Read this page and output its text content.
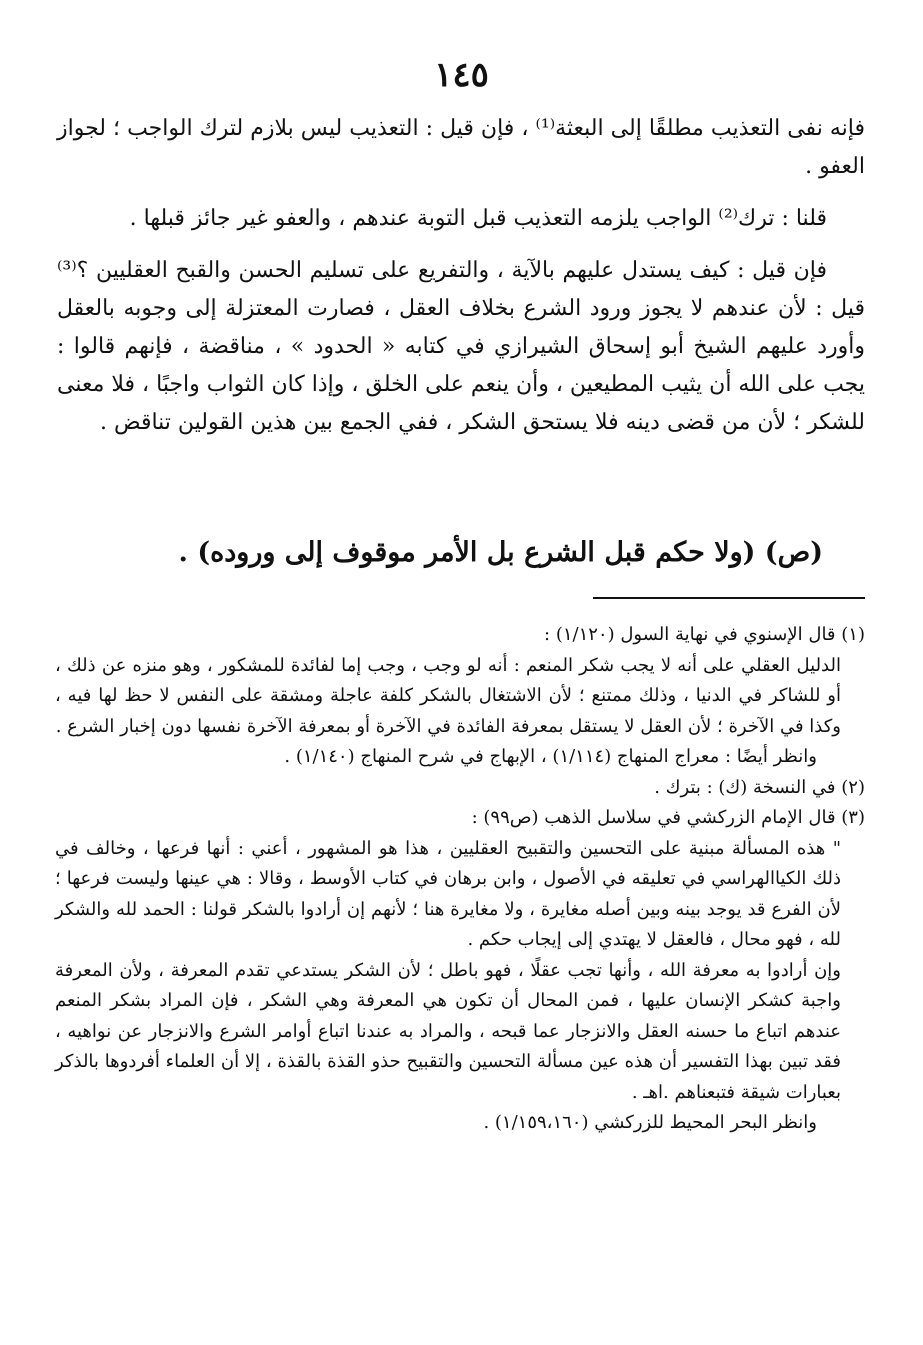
١٤٥

فإنه نفى التعذيب مطلقًا إلى البعثة⁽¹⁾ ، فإن قيل : التعذيب ليس بلازم لترك الواجب ؛ لجواز العفو .

قلنا : ترك⁽²⁾ الواجب يلزمه التعذيب قبل التوبة عندهم ، والعفو غير جائز قبلها .

فإن قيل : كيف يستدل عليهم بالآية ، والتفريع على تسليم الحسن والقبح العقليين ؟⁽³⁾ قيل : لأن عندهم لا يجوز ورود الشرع بخلاف العقل ، فصارت المعتزلة إلى وجوبه بالعقل وأورد عليهم الشيخ أبو إسحاق الشيرازي في كتابه « الحدود » ، مناقضة ، فإنهم قالوا : يجب على الله أن يثيب المطيعين ، وأن ينعم على الخلق ، وإذا كان الثواب واجبًا ، فلا معنى للشكر ؛ لأن من قضى دينه فلا يستحق الشكر ، ففي الجمع بين هذين القولين تناقض .

(ص) (ولا حكم قبل الشرع بل الأمر موقوف إلى وروده) .

(١) قال الإسنوي في نهاية السول (١/١٢٠) :

الدليل العقلي على أنه لا يجب شكر المنعم : أنه لو وجب ، وجب إما لفائدة للمشكور ، وهو منزه عن ذلك ، أو للشاكر في الدنيا ، وذلك ممتنع ؛ لأن الاشتغال بالشكر كلفة عاجلة ومشقة على النفس لا حظ لها فيه ، وكذا في الآخرة ؛ لأن العقل لا يستقل بمعرفة الفائدة في الآخرة أو بمعرفة الآخرة نفسها دون إخبار الشرع .

وانظر أيضًا : معراج المنهاج (١/١١٤) ، الإبهاج في شرح المنهاج (١/١٤٠) .

(٢) في النسخة (ك) : بترك .

(٣) قال الإمام الزركشي في سلاسل الذهب (ص٩٩) :

" هذه المسألة مبنية على التحسين والتقبيح العقليين ، هذا هو المشهور ، أعني : أنها فرعها ، وخالف في ذلك الكياالهراسي في تعليقه في الأصول ، وابن برهان في كتاب الأوسط ، وقالا : هي عينها وليست فرعها ؛ لأن الفرع قد يوجد بينه وبين أصله مغايرة ، ولا مغايرة هنا ؛ لأنهم إن أرادوا بالشكر قولنا : الحمد لله والشكر لله ، فهو محال ، فالعقل لا يهتدي إلى إيجاب حكم .

وإن أرادوا به معرفة الله ، وأنها تجب عقلًا ، فهو باطل ؛ لأن الشكر يستدعي تقدم المعرفة ، ولأن المعرفة واجبة كشكر الإنسان عليها ، فمن المحال أن تكون هي المعرفة وهي الشكر ، فإن المراد بشكر المنعم عندهم اتباع ما حسنه العقل والانزجار عما قبحه ، والمراد به عندنا اتباع أوامر الشرع والانزجار عن نواهيه ، فقد تبين بهذا التفسير أن هذه عين مسألة التحسين والتقبيح حذو القذة بالقذة ، إلا أن العلماء أفردوها بالذكر بعبارات شيقة فتبعناهم .اهـ .

وانظر البحر المحيط للزركشي (١/١٥٩،١٦٠) .
